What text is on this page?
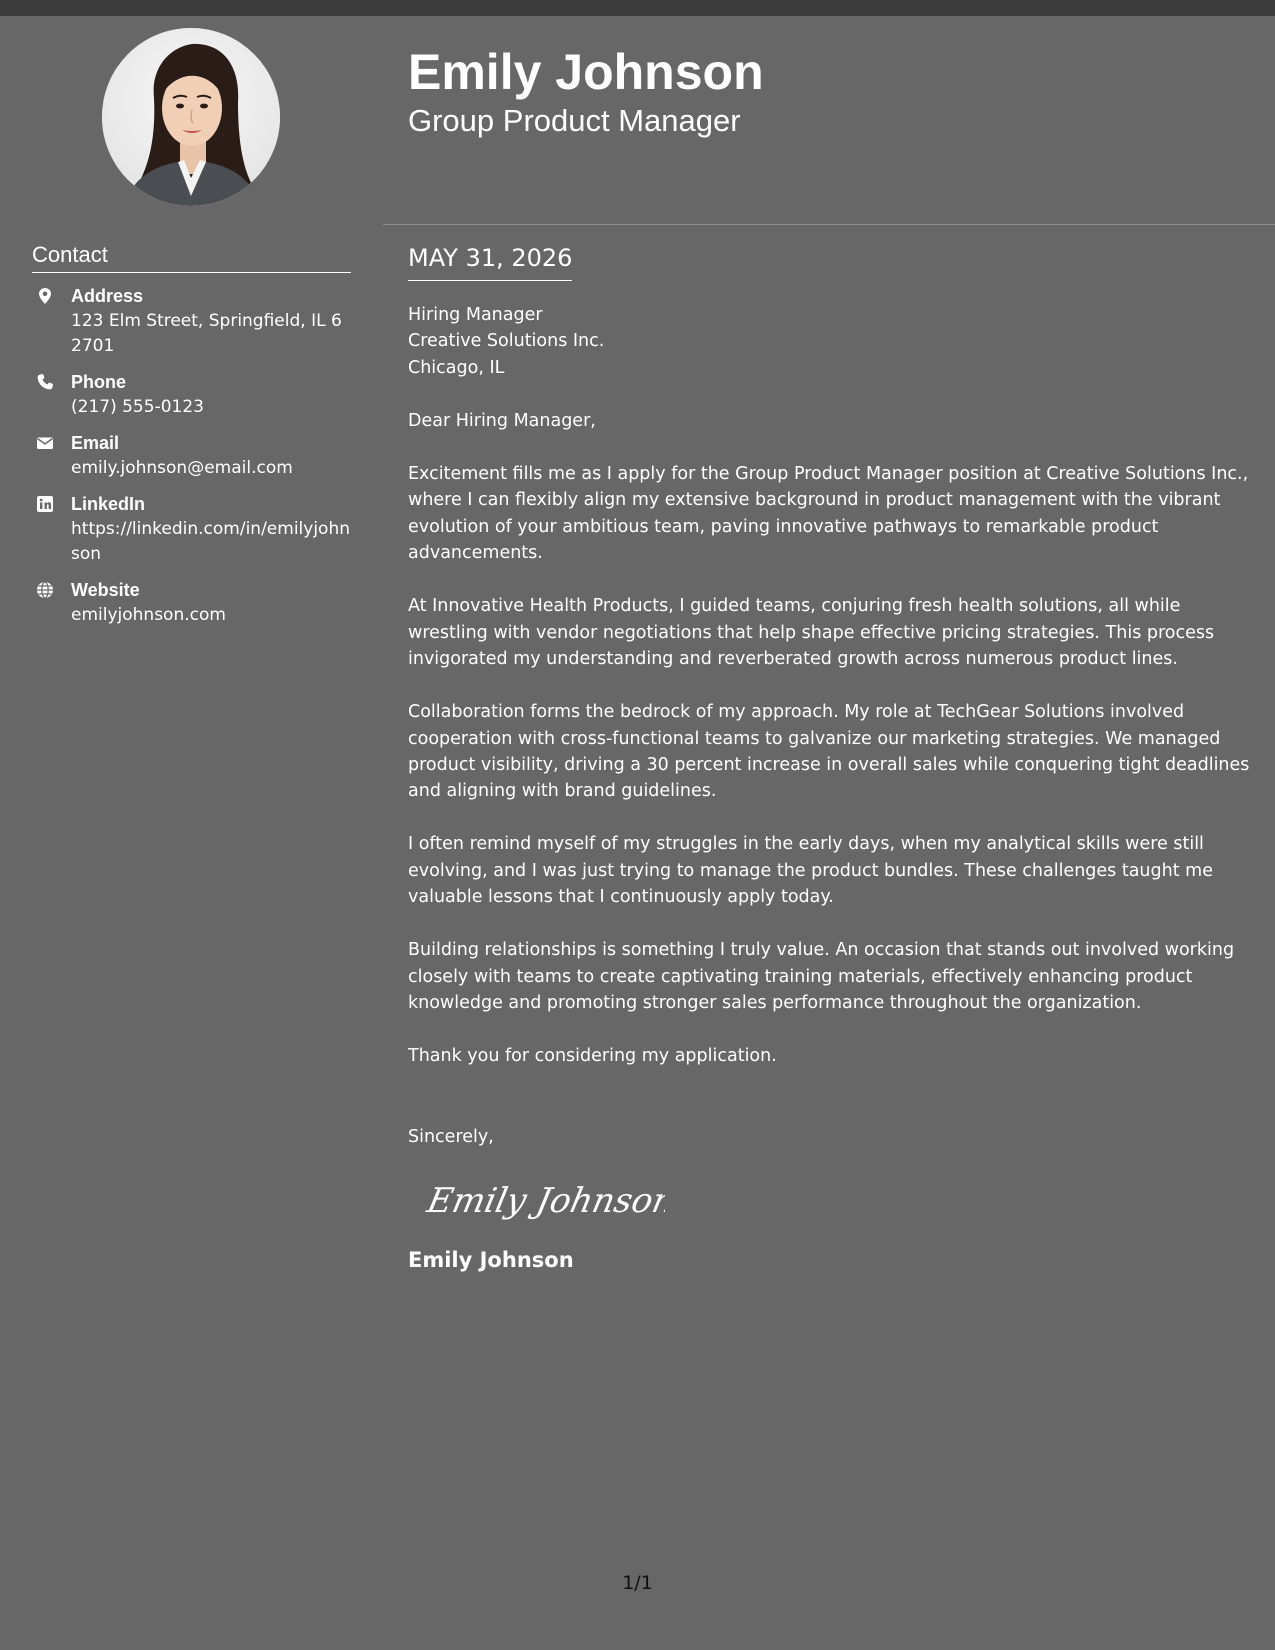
Contact
Address
123 Elm Street, Springfield, IL 62701
Phone
(217) 555-0123
Email
emily.johnson@email.com
LinkedIn
https://linkedin.com/in/emilyjohnson
Website
emilyjohnson.com
Emily Johnson
Group Product Manager
MAY 31, 2026
Hiring Manager
Creative Solutions Inc.
Chicago, IL

Dear Hiring Manager,

Excitement fills me as I apply for the Group Product Manager position at Creative Solutions Inc., where I can flexibly align my extensive background in product management with the vibrant evolution of your ambitious team, paving innovative pathways to remarkable product advancements.

At Innovative Health Products, I guided teams, conjuring fresh health solutions, all while wrestling with vendor negotiations that help shape effective pricing strategies. This process invigorated my understanding and reverberated growth across numerous product lines.

Collaboration forms the bedrock of my approach. My role at TechGear Solutions involved cooperation with cross-functional teams to galvanize our marketing strategies. We managed product visibility, driving a 30 percent increase in overall sales while conquering tight deadlines and aligning with brand guidelines.

I often remind myself of my struggles in the early days, when my analytical skills were still evolving, and I was just trying to manage the product bundles. These challenges taught me valuable lessons that I continuously apply today.

Building relationships is something I truly value. An occasion that stands out involved working closely with teams to create captivating training materials, effectively enhancing product knowledge and promoting stronger sales performance throughout the organization.

Thank you for considering my application.

Sincerely,
Emily Johnson
Emily Johnson
1/1
